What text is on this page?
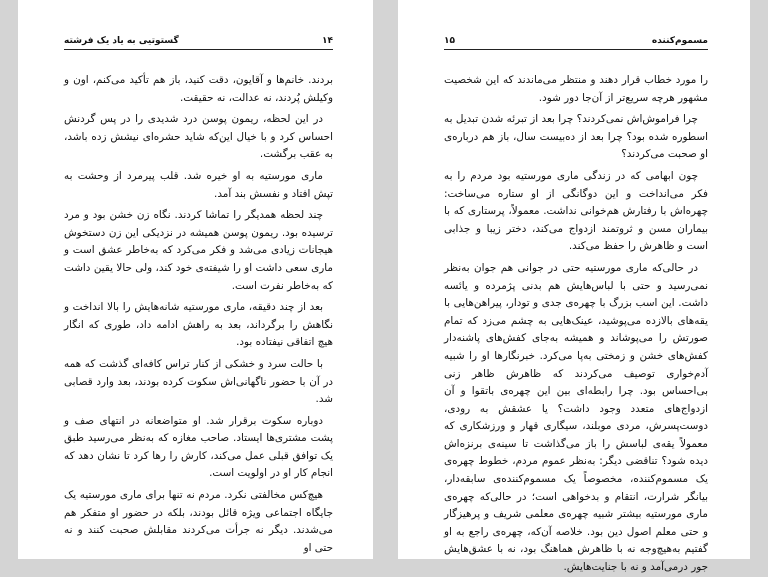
۱۴
گستوتیی به یاد یک فرشته

بردند. خانم‌ها و آقایون، دقت کنید، باز هم تأکید می‌کنم، اون و وکیلش پُردند، نه عدالت، نه حقیقت.

در این لحظه، ریمون پوسن درد شدیدی را در پس گردنش احساس کرد و با خیال این‌که شاید حشره‌ای نیشش زده باشد، به عقب برگشت.

ماری مورستیه به او خیره شد. قلب پیرمرد از وحشت به تپش افتاد و نفسش بند آمد.

چند لحظه همدیگر را تماشا کردند. نگاه زن خشن بود و مرد ترسیده بود. ریمون پوسن همیشه در نزدیکی این زن دستخوش هیجانات زیادی می‌شد و فکر می‌کرد که به‌خاطر عشق است و ماری سعی داشت او را شیفته‌ی خود کند، ولی حالا یقین داشت که به‌خاطر نفرت است.

بعد از چند دقیقه، ماری مورستیه شانه‌هایش را بالا انداخت و نگاهش را برگرداند، بعد به راهش ادامه داد، طوری که انگار هیچ اتفاقی نیفتاده بود.

با حالت سرد و خشکی از کنار تراس کافه‌ای گذشت که همه در آن با حضور ناگهانی‌اش سکوت کرده بودند، بعد وارد قصابی شد.

دوباره سکوت برقرار شد. او متواضعانه در انتهای صف و پشت مشتری‌ها ایستاد. صاحب مغازه که به‌نظر می‌رسید طبق یک توافق قبلی عمل می‌کند، کارش را رها کرد تا نشان دهد که انجام کار او در اولویت است.

هیچ‌کس مخالفتی نکرد. مردم نه تنها برای ماری مورستیه یک جایگاه اجتماعی ویژه قائل بودند، بلکه در حضور او متفکر هم می‌شدند. دیگر نه جرأت می‌کردند مقابلش صحبت کنند و نه حتی او

مسموم‌کننده
۱۵

را مورد خطاب قرار دهند و منتظر می‌ماندند که این شخصیت مشهور هرچه سریع‌تر از آن‌جا دور شود.

چرا فراموش‌اش نمی‌کردند؟ چرا بعد از تبرئه شدن تبدیل به اسطوره شده بود؟ چرا بعد از ده‌بیست سال، باز هم درباره‌ی او صحبت می‌کردند؟

چون ابهامی که در زندگی ماری مورستیه بود مردم را به فکر می‌انداخت و این دوگانگی از او ستاره می‌ساخت: چهره‌اش با رفتارش هم‌خوانی نداشت. معمولاً، پرستاری که با بیماران مسن و ثروتمند ازدواج می‌کند، دختر زیبا و جذابی است و ظاهرش را حفظ می‌کند.

در حالی‌که ماری مورستیه حتی در جوانی هم جوان به‌نظر نمی‌رسید و حتی با لباس‌هایش هم بدنی پژمرده و یائسه داشت. این اسب بزرگ با چهره‌ی جدی و تودار، پیراهن‌هایی با یقه‌های بالازده می‌پوشید، عینک‌هایی به چشم می‌زد که تمام صورتش را می‌پوشاند و همیشه به‌جای کفش‌های پاشنه‌دار کفش‌های خشن و زمختی به‌پا می‌کرد. خبرنگارها او را شبیه آدم‌خواری توصیف می‌کردند که ظاهرش ظاهر زنی بی‌احساس بود. چرا رابطه‌ای بین این چهره‌ی باتقوا و آن ازدواج‌های متعدد وجود داشت؟ یا عشقش به رودی، دوست‌پسرش، مردی مو‌بلند، سیگاری قهار و ورزشکاری که معمولاً یقه‌ی لباسش را باز می‌گذاشت تا سینه‌ی برنزه‌اش دیده شود؟ تناقضی دیگر: به‌نظر عموم مردم، خطوط چهره‌ی یک مسموم‌کننده، مخصوصاً یک مسموم‌کننده‌ی سابقه‌دار، بیانگر شرارت، انتقام و بدخواهی است؛ در حالی‌که چهره‌ی ماری مورستیه بیشتر شبیه چهره‌ی معلمی شریف و پرهیزگار و حتی معلم اصول دین بود. خلاصه آن‌که، چهره‌ی راجع به او گفتیم به‌هیچ‌وجه نه با ظاهرش هماهنگ بود، نه با عشق‌هایش جور درمی‌آمد و نه با جنایت‌هایش.
